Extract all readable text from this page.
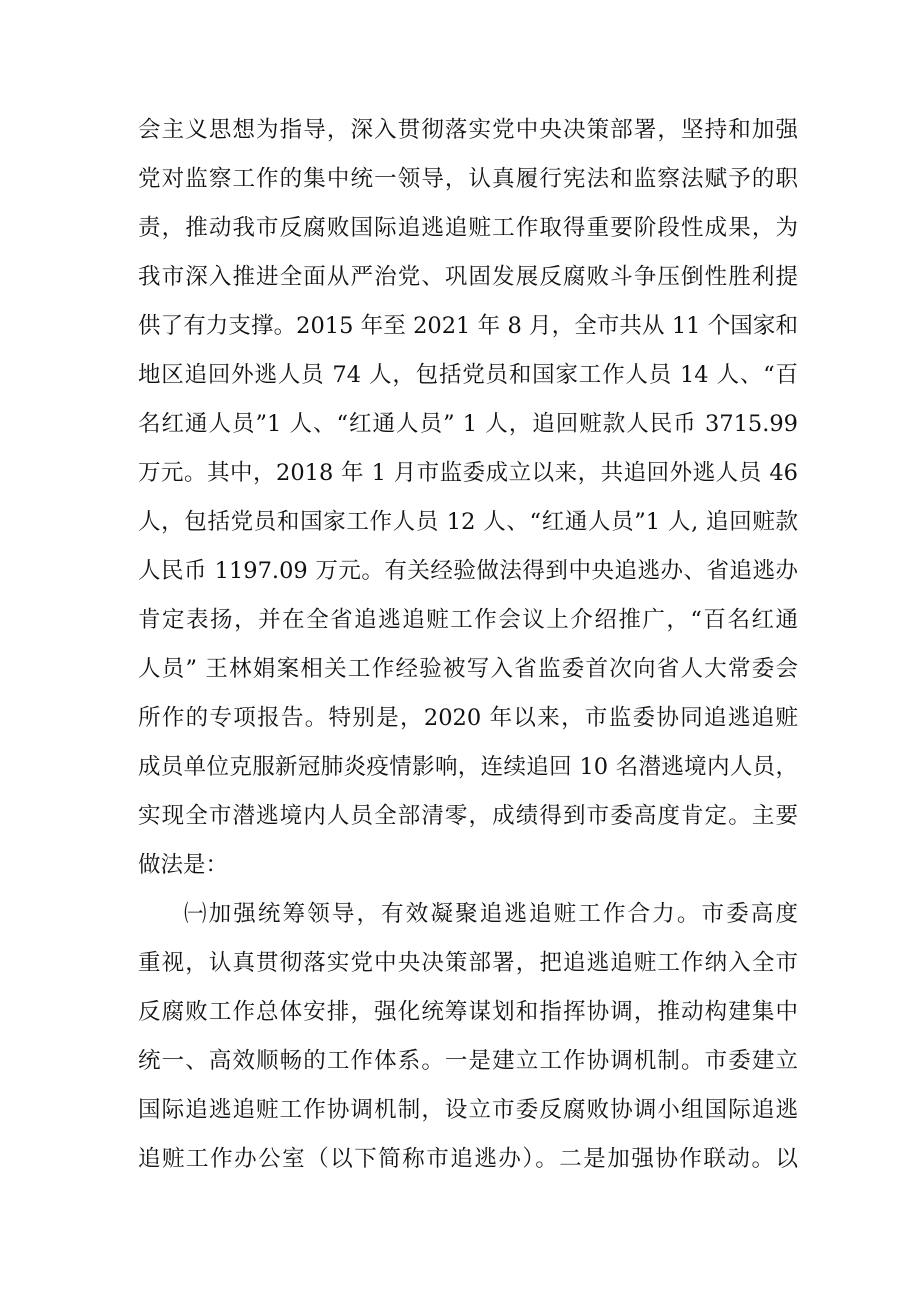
会主义思想为指导，深入贯彻落实党中央决策部署，坚持和加强
党对监察工作的集中统一领导，认真履行宪法和监察法赋予的职
责，推动我市反腐败国际追逃追赃工作取得重要阶段性成果，为
我市深入推进全面从严治党、巩固发展反腐败斗争压倒性胜利提
供了有力支撑。2015 年至 2021 年 8 月，全市共从 11 个国家和
地区追回外逃人员 74 人，包括党员和国家工作人员 14 人、“百
名红通人员”1 人、“红通人员” 1 人，追回赃款人民币 3715.99
万元。其中，2018 年 1 月市监委成立以来，共追回外逃人员 46
人，包括党员和国家工作人员 12 人、“红通人员”1 人, 追回赃款
人民币 1197.09 万元。有关经验做法得到中央追逃办、省追逃办
肯定表扬，并在全省追逃追赃工作会议上介绍推广，“百名红通
人员” 王林娟案相关工作经验被写入省监委首次向省人大常委会
所作的专项报告。特别是，2020 年以来，市监委协同追逃追赃
成员单位克服新冠肺炎疫情影响，连续追回 10 名潜逃境内人员，
实现全市潜逃境内人员全部清零，成绩得到市委高度肯定。主要
做法是：
㈠加强统筹领导，有效凝聚追逃追赃工作合力。市委高度
重视，认真贯彻落实党中央决策部署，把追逃追赃工作纳入全市
反腐败工作总体安排，强化统筹谋划和指挥协调，推动构建集中
统一、高效顺畅的工作体系。一是建立工作协调机制。市委建立
国际追逃追赃工作协调机制，设立市委反腐败协调小组国际追逃
追赃工作办公室（以下简称市追逃办）。二是加强协作联动。以
